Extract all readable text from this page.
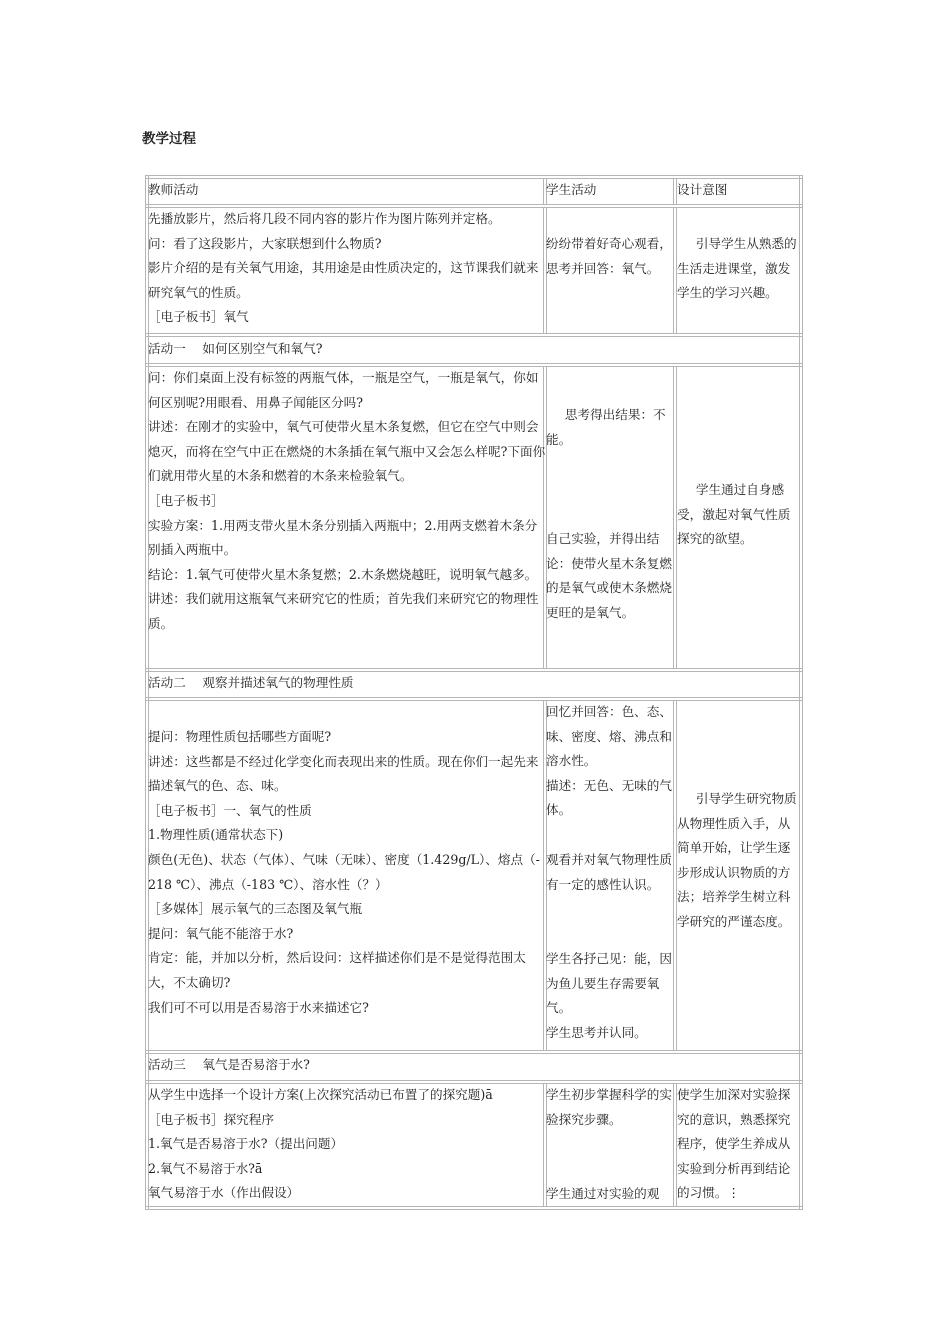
教学过程
教师活动	学生活动	设计意图

先播放影片，然后将几段不同内容的影片作为图片陈列并定格。

问：看了这段影片，大家联想到什么物质?

影片介绍的是有关氧气用途，其用途是由性质决定的，这节课我们就来研究氧气的性质。

［电子板书］氧气

纷纷带着好奇心观看，思考并回答：氧气。

引导学生从熟悉的生活走进课堂，激发学生的学习兴趣。

活动一　 如何区别空气和氧气?

问：你们桌面上没有标签的两瓶气体，一瓶是空气，一瓶是氧气，你如何区别呢?用眼看、用鼻子闻能区分吗?

讲述：在刚才的实验中，氧气可使带火星木条复燃，但它在空气中则会熄灭，而将在空气中正在燃烧的木条插在氧气瓶中又会怎么样呢?下面你们就用带火星的木条和燃着的木条来检验氧气。

［电子板书］

实验方案：1.用两支带火星木条分别插入两瓶中；2.用两支燃着木条分别插入两瓶中。

结论：1.氧气可使带火星木条复燃；2.木条燃烧越旺，说明氧气越多。

讲述：我们就用这瓶氧气来研究它的性质；首先我们来研究它的物理性质。

思考得出结果：不能。

自己实验，并得出结论：使带火星木条复燃的是氧气或使木条燃烧更旺的是氧气。

学生通过自身感受，激起对氧气性质探究的欲望。

活动二　 观察并描述氧气的物理性质

提问：物理性质包括哪些方面呢?

讲述：这些都是不经过化学变化而表现出来的性质。现在你们一起先来描述氧气的色、态、味。

［电子板书］一、氧气的性质

1.物理性质(通常状态下)

颜色(无色)、状态（气体）、气味（无味）、密度（1.429g/L）、熔点（-218 ℃）、沸点（-183 ℃）、溶水性（？）

［多媒体］展示氧气的三态图及氧气瓶

提问：氧气能不能溶于水?

肯定：能，并加以分析，然后设问：这样描述你们是不是觉得范围太大，不太确切?

我们可不可以用是否易溶于水来描述它?

回忆并回答：色、态、味、密度、熔、沸点和溶水性。

描述：无色、无味的气体。

观看并对氧气物理性质有一定的感性认识。

学生各抒己见：能，因为鱼儿要生存需要氧气。

学生思考并认同。

引导学生研究物质从物理性质入手，从简单开始，让学生逐步形成认识物质的方法；培养学生树立科学研究的严谨态度。

活动三　 氧气是否易溶于水?

从学生中选择一个设计方案(上次探究活动已布置了的探究题)ā

［电子板书］探究程序

1.氧气是否易溶于水?（提出问题）

2.氧气不易溶于水?ā

氧气易溶于水（作出假设）

学生初步掌握科学的实验探究步骤。

学生通过对实验的观

使学生加深对实验探究的意识，熟悉探究程序，使学生养成从实验到分析再到结论的习惯。⋮
